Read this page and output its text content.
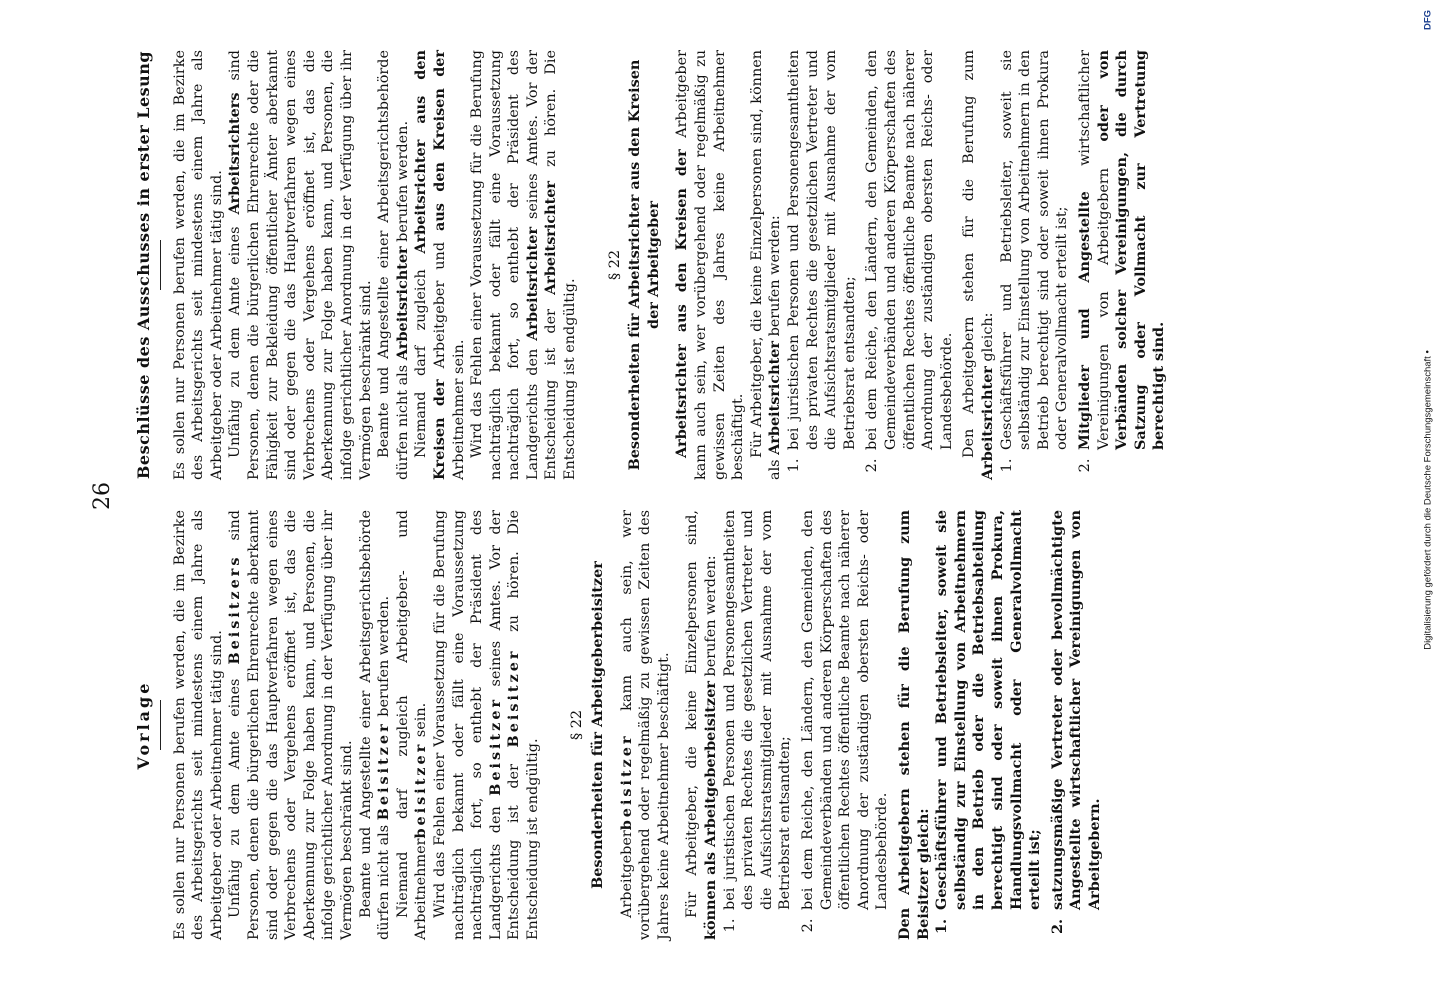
26
Vorlage Es sollen nur Personen berufen werden, die im Bezirke des Arbeitsgerichts seit mindestens einem Jahre als Arbeitgeber oder Arbeitnehmer tätig sind. Unfähig zu dem Amte eines Beisitzers sind Personen, denen die bürgerlichen Ehrenrechte aberkannt sind oder gegen die das Hauptverfahren wegen eines Verbrechens oder Vergehens eröffnet ist, das die Aberkennung zur Folge haben kann, und Personen, die infolge gerichtlicher Anordnung in der Verfügung über ihr Vermögen beschränkt sind. Beamte und Angestellte einer Arbeitsgerichtsbehörde dürfen nicht als Beisitzer berufen werden. Niemand darf zugleich Arbeitgeber- und Arbeitnehmerbeisitzer sein. Wird das Fehlen einer Voraussetzung für die Berufung nachträglich bekannt oder fällt eine Voraussetzung nachträglich fort, so enthebt der Präsident des Landgerichts den Beisitzer seines Amtes. Vor der Entscheidung ist der Beisitzer zu hören. Die Entscheidung ist endgültig.

§ 22 Besonderheiten für Arbeitgeberbeisitzer Arbeitgeberbeisitzer kann auch sein, wer vorübergehend oder regelmäßig zu gewissen Zeiten des Jahres keine Arbeitnehmer beschäftigt. Für Arbeitgeber, die keine Einzelpersonen sind, können als Arbeitgeberbeisitzer berufen werden: 1. bei juristischen Personen und Personengesamtheiten des privaten Rechtes die gesetzlichen Vertreter und die Aufsichtsratsmitglieder mit Ausnahme der vom Betriebsrat entsandten; 2. bei dem Reiche, den Ländern, den Gemeinden, den Gemeindeverbänden und anderen Körperschaften des öffentlichen Rechtes öffentliche Beamte nach näherer Anordnung der zuständigen obersten Reichs- oder Landesbehörde. Den Arbeitgebern stehen für die Berufung zum Beisitzer gleich: 1. Geschäftsführer und Betriebsleiter, soweit sie selbständig zur Einstellung von Arbeitnehmern in den Betrieb oder die Betriebsabteilung berechtigt sind oder soweit ihnen Prokura, Handlungsvollmacht oder Generalvollmacht erteilt ist; 2. satzungsmäßige Vertreter oder bevollmächtigte Angestellte wirtschaftlicher Vereinigungen von Arbeitgebern.
Beschlüsse des Ausschusses in erster Lesung Es sollen nur Personen berufen werden, die im Bezirke des Arbeitsgerichts seit mindestens einem Jahre als Arbeitgeber oder Arbeitnehmer tätig sind. Unfähig zu dem Amte eines Arbeitsrichters sind Personen, denen die bürgerlichen Ehrenrechte oder die Fähigkeit zur Bekleidung öffentlicher Ämter aberkannt sind oder gegen die das Hauptverfahren wegen eines Verbrechens oder Vergehens eröffnet ist, das die Aberkennung zur Folge haben kann, und Personen, die infolge gerichtlicher Anordnung in der Verfügung über ihr Vermögen beschränkt sind. Beamte und Angestellte einer Arbeitsgerichtsbehörde dürfen nicht als Arbeitsrichter berufen werden.

Niemand darf zugleich Arbeitsrichter aus den Kreisen der Arbeitgeber und aus den Kreisen der Arbeitnehmer sein. Wird das Fehlen einer Voraussetzung für die Berufung nachträglich bekannt oder fällt eine Voraussetzung nachträglich fort, so enthebt der Präsident des Landgerichts den Arbeitsrichter seines Amtes. Vor der Entscheidung ist der Arbeitsrichter zu hören. Die Entscheidung ist endgültig.

§ 22 Besonderheiten für Arbeitsrichter aus den Kreisen der Arbeitgeber Arbeitsrichter aus den Kreisen der Arbeitgeber kann auch sein, wer vorübergehend oder regelmäßig zu gewissen Zeiten des Jahres keine Arbeitnehmer beschäftigt. Für Arbeitgeber, die keine Einzelpersonen sind, können als Arbeitsrichter berufen werden: 1. bei juristischen Personen und Personengesamtheiten des privaten Rechtes die gesetzlichen Vertreter und die Aufsichtsratsmitglieder mit Ausnahme der vom Betriebsrat entsandten; 2. bei dem Reiche, den Ländern, den Gemeinden, den Gemeindeverbänden und anderen Körperschaften des öffentlichen Rechtes öffentliche Beamte nach näherer Anordnung der zuständigen obersten Reichs- oder Landesbehörde. Den Arbeitgebern stehen für die Berufung zum Arbeitsrichter gleich: 1. Geschäftsführer und Betriebsleiter, soweit sie selbständig zur Einstellung von Arbeitnehmern in den Betrieb berechtigt sind oder soweit ihnen Prokura oder Generalvollmacht erteilt ist; 2. Mitglieder und Angestellte wirtschaftlicher Vereinigungen von Arbeitgebern oder von Verbänden solcher Vereinigungen, die durch Satzung oder Vollmacht zur Vertretung berechtigt sind.	Digitalisierung gefördert durch die Deutsche Forschungsgemeinschaft •
DFG
